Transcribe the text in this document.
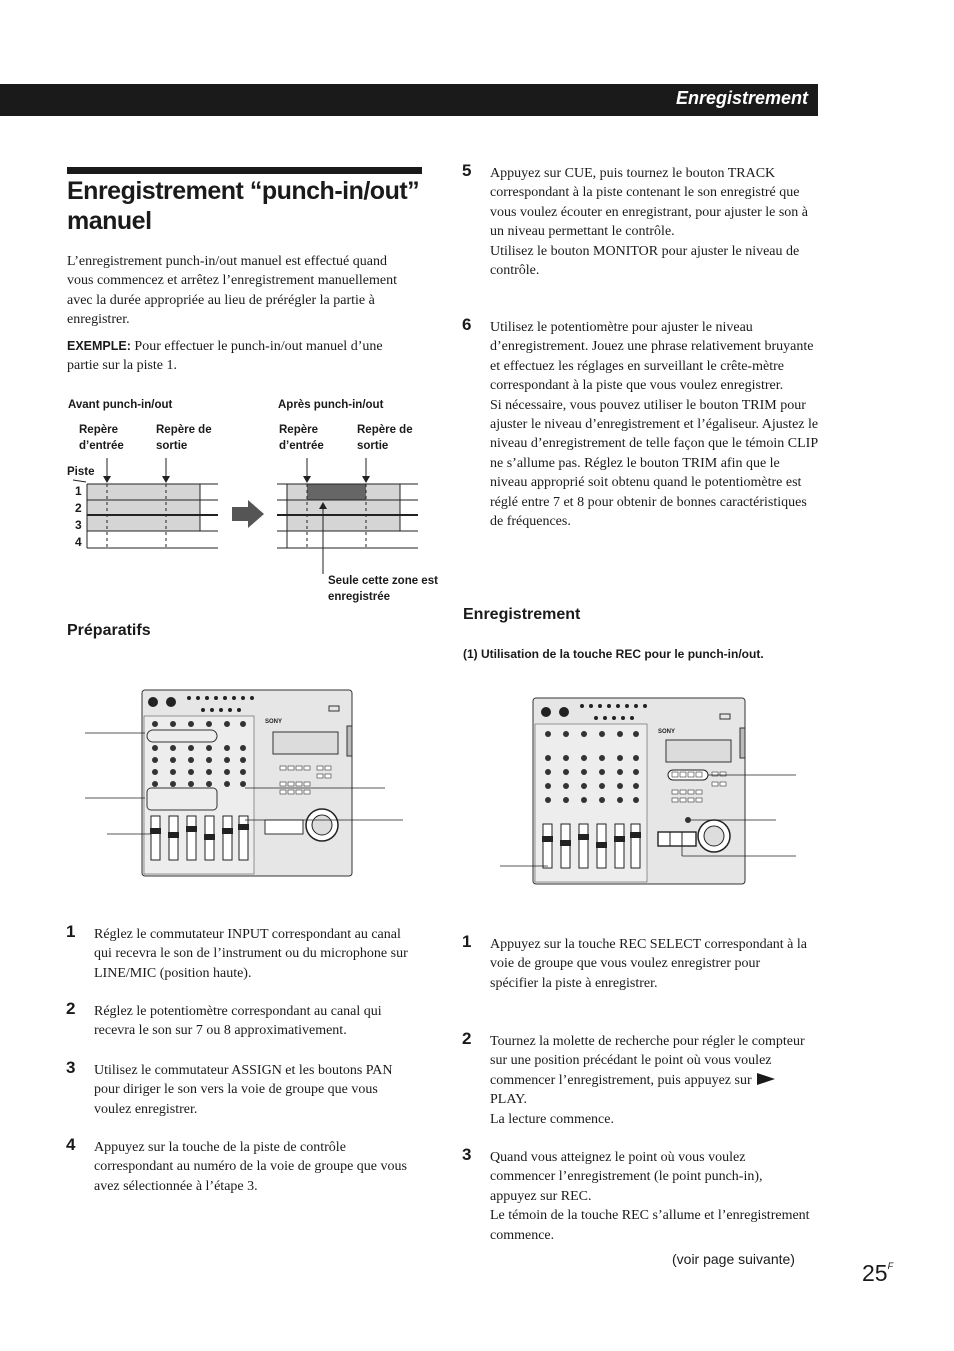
Enregistrement
Enregistrement “punch-in/out” manuel

L’enregistrement punch-in/out manuel est effectué quand vous commencez et arrêtez l’enregistrement manuellement avec la durée appropriée au lieu de prérégler la partie à enregistrer.

EXEMPLE: Pour effectuer le punch-in/out manuel d’une partie sur la piste 1.
Avant punch-in/out	Après punch-in/out
Repère d’entrée
Repère de sortie
Repère d’entrée
Repère de sortie
Piste
1
2
3
4
Seule cette zone est enregistrée
Préparatifs
SONY
1 Réglez le commutateur INPUT correspondant au canal qui recevra le son de l’instrument ou du microphone sur LINE/MIC (position haute).
2 Réglez le potentiomètre correspondant au canal qui recevra le son sur 7 ou 8 approximativement.
3 Utilisez le commutateur ASSIGN et les boutons PAN pour diriger le son vers la voie de groupe que vous voulez enregistrer.
4 Appuyez sur la touche de la piste de contrôle correspondant au numéro de la voie de groupe que vous avez sélectionnée à l’étape 3.
5 Appuyez sur CUE, puis tournez le bouton TRACK correspondant à la piste contenant le son enregistré que vous voulez écouter en enregistrant, pour ajuster le son à un niveau permettant le contrôle.
Utilisez le bouton MONITOR pour ajuster le niveau de contrôle.
6 Utilisez le potentiomètre pour ajuster le niveau d’enregistrement. Jouez une phrase relativement bruyante et effectuez les réglages en surveillant le crête-mètre correspondant à la piste que vous voulez enregistrer.
Si nécessaire, vous pouvez utiliser le bouton TRIM pour ajuster le niveau d’enregistrement et l’égaliseur. Ajustez le niveau d’enregistrement de telle façon que le témoin CLIP ne s’allume pas. Réglez le bouton TRIM afin que le niveau approprié soit obtenu quand le potentiomètre est réglé entre 7 et 8 pour obtenir de bonnes caractéristiques de fréquences.
Enregistrement
(1) Utilisation de la touche REC pour le punch-in/out.
SONY
1 Appuyez sur la touche REC SELECT correspondant à la voie de groupe que vous voulez enregistrer pour spécifier la piste à enregistrer.
2 Tournez la molette de recherche pour régler le compteur sur une position précédant le point où vous voulez commencer l’enregistrement, puis appuyez sur  PLAY.
La lecture commence.
3 Quand vous atteignez le point où vous voulez commencer l’enregistrement (le point punch-in), appuyez sur REC.
Le témoin de la touche REC s’allume et l’enregistrement commence.
(voir page suivante)
$25^F$
